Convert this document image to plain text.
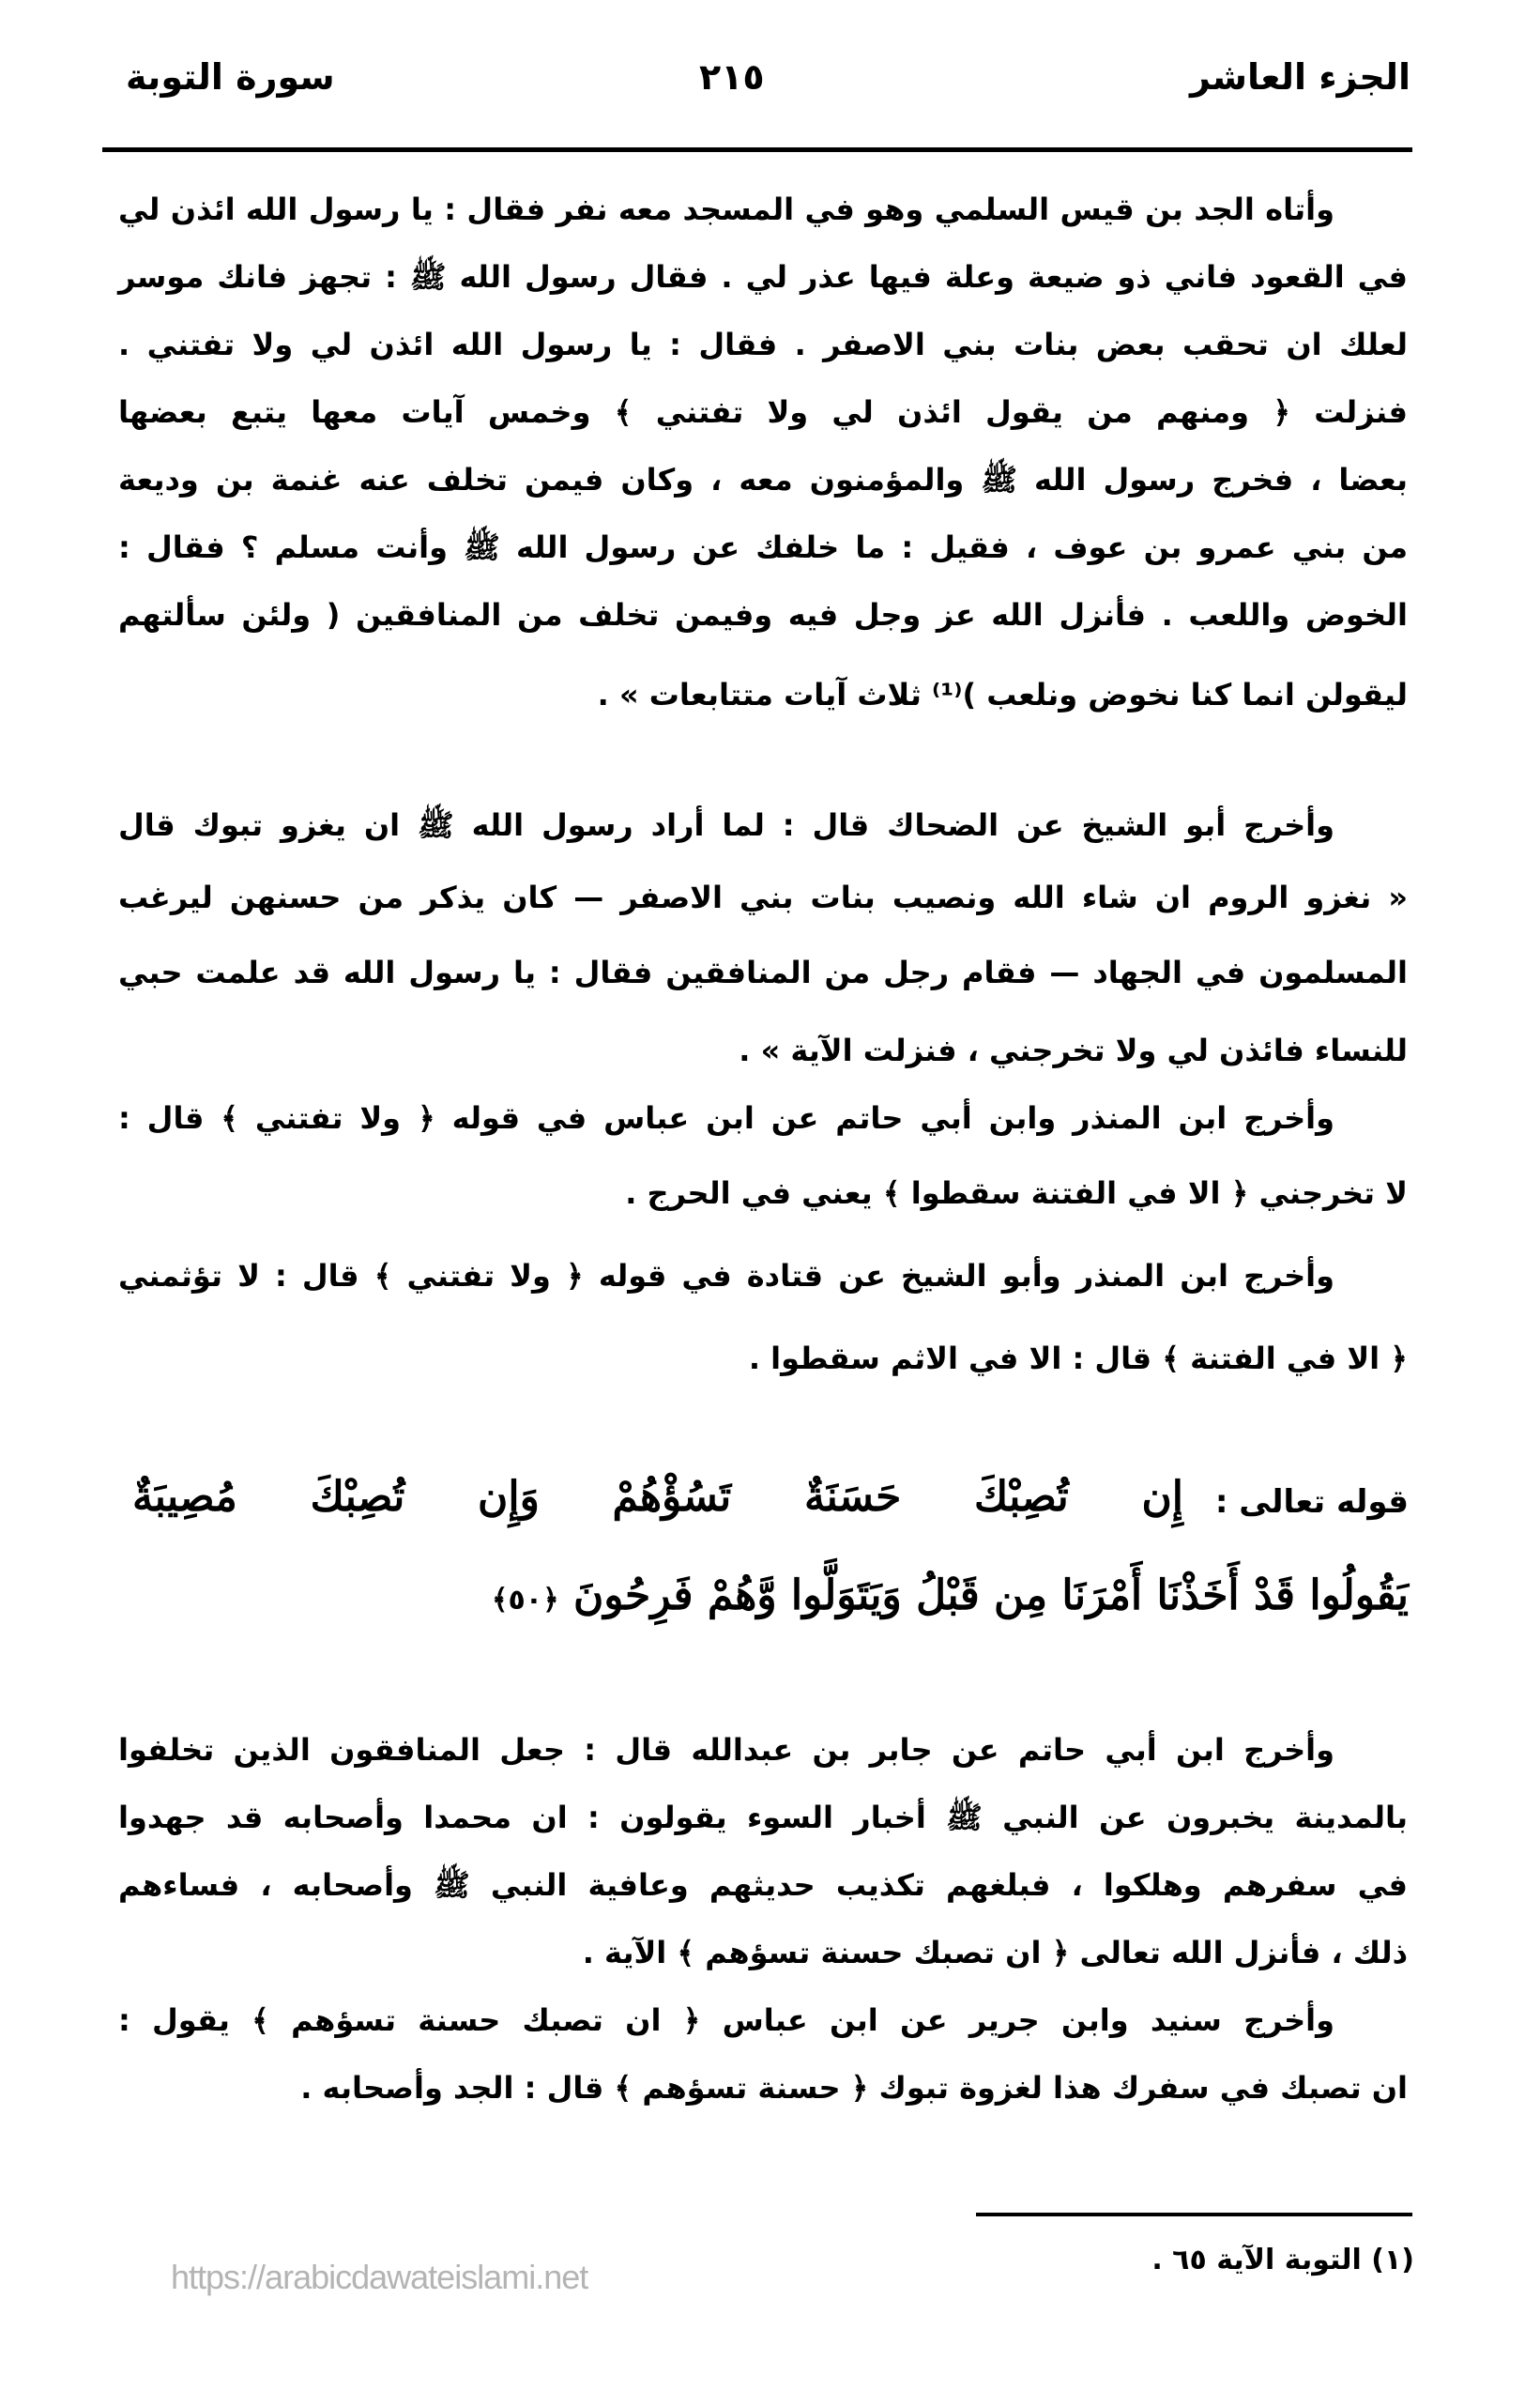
الجزء العاشر
٢١٥
سورة التوبة
وأتاه الجد بن قيس السلمي وهو في المسجد معه نفر فقال : يا رسول الله ائذن لي
في القعود فاني ذو ضيعة وعلة فيها عذر لي . فقال رسول الله ﷺ : تجهز فانك موسر
لعلك ان تحقب بعض بنات بني الاصفر . فقال : يا رسول الله ائذن لي ولا تفتني .
فنزلت ﴿ ومنهم من يقول ائذن لي ولا تفتني ﴾ وخمس آيات معها يتبع بعضها
بعضا ، فخرج رسول الله ﷺ والمؤمنون معه ، وكان فيمن تخلف عنه غنمة بن وديعة
من بني عمرو بن عوف ، فقيل : ما خلفك عن رسول الله ﷺ وأنت مسلم ؟ فقال :
الخوض واللعب . فأنزل الله عز وجل فيه وفيمن تخلف من المنافقين ( ولئن سألتهم
ليقولن انما كنا نخوض ونلعب )⁽¹⁾ ثلاث آيات متتابعات » .
وأخرج أبو الشيخ عن الضحاك قال : لما أراد رسول الله ﷺ ان يغزو تبوك قال
« نغزو الروم ان شاء الله ونصيب بنات بني الاصفر — كان يذكر من حسنهن ليرغب
المسلمون في الجهاد — فقام رجل من المنافقين فقال : يا رسول الله قد علمت حبي
للنساء فائذن لي ولا تخرجني ، فنزلت الآية » .
وأخرج ابن المنذر وابن أبي حاتم عن ابن عباس في قوله ﴿ ولا تفتني ﴾ قال :
لا تخرجني ﴿ الا في الفتنة سقطوا ﴾ يعني في الحرج .
وأخرج ابن المنذر وأبو الشيخ عن قتادة في قوله ﴿ ولا تفتني ﴾ قال : لا تؤثمني
﴿ الا في الفتنة ﴾ قال : الا في الاثم سقطوا .
قوله تعالى :
إِن تُصِبْكَ حَسَنَةٌ تَسُؤْهُمْ وَإِن تُصِبْكَ مُصِيبَةٌ
يَقُولُوا قَدْ أَخَذْنَا أَمْرَنَا مِن قَبْلُ وَيَتَوَلَّوا وَّهُمْ فَرِحُونَ ﴿٥٠﴾
وأخرج ابن أبي حاتم عن جابر بن عبدالله قال : جعل المنافقون الذين تخلفوا
بالمدينة يخبرون عن النبي ﷺ أخبار السوء يقولون : ان محمدا وأصحابه قد جهدوا
في سفرهم وهلكوا ، فبلغهم تكذيب حديثهم وعافية النبي ﷺ وأصحابه ، فساءهم
ذلك ، فأنزل الله تعالى ﴿ ان تصبك حسنة تسؤهم ﴾ الآية .
وأخرج سنيد وابن جرير عن ابن عباس ﴿ ان تصبك حسنة تسؤهم ﴾ يقول :
ان تصبك في سفرك هذا لغزوة تبوك ﴿ حسنة تسؤهم ﴾ قال : الجد وأصحابه .
(١) التوبة الآية ٦٥ .
https://arabicdawateislami.net
